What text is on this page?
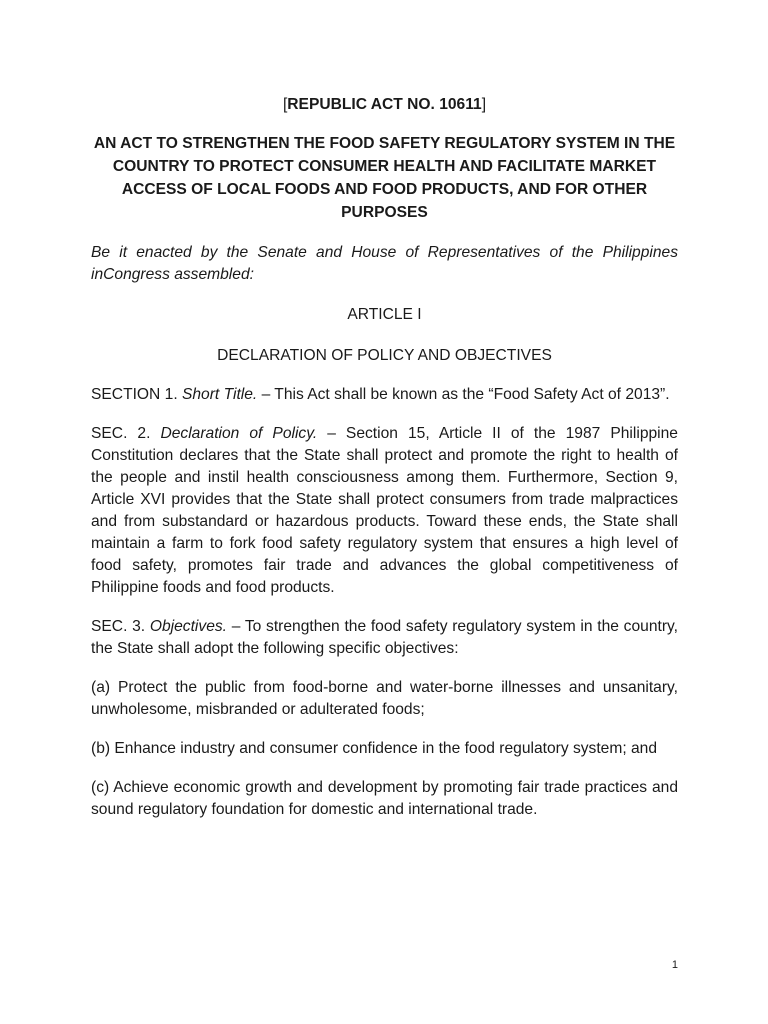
[REPUBLIC ACT NO. 10611]

AN ACT TO STRENGTHEN THE FOOD SAFETY REGULATORY SYSTEM IN THE COUNTRY TO PROTECT CONSUMER HEALTH AND FACILITATE MARKET ACCESS OF LOCAL FOODS AND FOOD PRODUCTS, AND FOR OTHER PURPOSES

Be it enacted by the Senate and House of Representatives of the Philippines inCongress assembled:

ARTICLE I

DECLARATION OF POLICY AND OBJECTIVES

SECTION 1. Short Title. – This Act shall be known as the “Food Safety Act of 2013”.

SEC. 2. Declaration of Policy. – Section 15, Article II of the 1987 Philippine Constitution declares that the State shall protect and promote the right to health of the people and instil health consciousness among them. Furthermore, Section 9, Article XVI provides that the State shall protect consumers from trade malpractices and from substandard or hazardous products. Toward these ends, the State shall maintain a farm to fork food safety regulatory system that ensures a high level of food safety, promotes fair trade and advances the global competitiveness of Philippine foods and food products.

SEC. 3. Objectives. – To strengthen the food safety regulatory system in the country, the State shall adopt the following specific objectives:

(a) Protect the public from food-borne and water-borne illnesses and unsanitary, unwholesome, misbranded or adulterated foods;

(b) Enhance industry and consumer confidence in the food regulatory system; and

(c) Achieve economic growth and development by promoting fair trade practices and sound regulatory foundation for domestic and international trade.

1
